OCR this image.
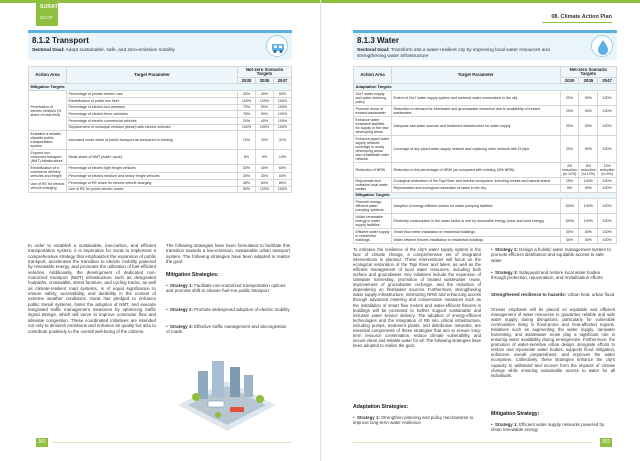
SURAT
CCAP
8.1.2 Transport
Sectoral Goal: Adopt sustainable, safe, and zero-emission mobility
Action Area	Target Parameter	Net-zero Scenario Targets		
		2030	2035	2047
Mitigation Targets				
Penetration of electric vehicles (% share of total fleet)	Percentage of private electric cars	30%	40%	60%
	Electrification of public bus fleet	100%	100%	100%
	Percentage of electric two wheelers	75%	90%	100%
	Percentage of electric three wheelers	75%	90%	100%
	Percentage of electric commercial vehicles	20%	40%	100%
	Replacement of municipal vehicles (diesel) with electric vehicles	100%	100%	100%
Establish a reliable, citywide public transportation system	Increased mode share of public transport as compared to existing	10%	20%	31%
Expand non-motorized transport (NMT) infrastructure	Mode share of NMT (walk+ cycle)	8%	9%	10%
Electrification of e-commerce delivery vehicles and freight	Percentage of electric light freight vehicles	30%	40%	60%
	Percentage of electric medium and heavy freight vehicles	20%	30%	60%
Use of RE for electric vehicle charging	Percentage of RE share for electric vehicle charging	40%	60%	80%
	Use of RE for public electric buses	50%	100%	100%

In order to establish a sustainable, low-carbon, and efficient transportation system, it is imperative for Surat to implement a comprehensive strategy that emphasizes the expansion of public transport, accelerates the transition to electric mobility powered by renewable energy, and promotes the utilization of fuel-efficient vehicles. Additionally, the development of dedicated non-motorized transport (NMT) infrastructure such as designated footpaths, crosswalks, street furniture, and cycling tracks, as well as climate-resilient road systems, is of equal significance to ensure safety, accessibility, and durability in the context of extreme weather conditions. Surat has pledged to enhance public transit systems, foster the adoption of NMT, and execute integrated traffic management measures by optimizing traffic signal timings, which will serve to improve commuter flow and alleviate congestion. These coordinated initiatives are intended not only to diminish emissions and enhance air quality but also to contribute positively to the overall well-being of the citizens.

The following strategies have been formulated to facilitate this transition towards a low-emission, sustainable urban transport system. The following strategies have been adapted to realize the goal:

Mitigation Strategies:
• Strategy 1: Facilitate non-motorized transportation options and promote shift to cleaner fuel-run public transport
• Strategy 2: Promote widespread adoption of electric mobility
• Strategy 3: Effective traffic management and decongestion of roads
301
08. Climate Action Plan
8.1.3 Water
Sectoral Goal: Transform into a water-resilient city by improving local water resources and strengthening water infrastructure
Action Area	Target Parameter	Net-zero Scenario Targets		
		2030	2035	2047
Adaptation Targets				
24x7 water supply and water metering policy	Extent of 24x7 water supply system and metered water connections in the city	20%	50%	100%
Promote reuse of treated wastewater	Reduction in demand for freshwater and groundwater extraction due to availability of treated wastewater	20%	50%	100%
Enhance water treatment facilities for supply in the new developing areas	Adequate raw water sources and treatment infrastructure for water supply	20%	50%	100%
Enhance piped water supply network coverage in newly developing areas and rehabilitate older network	Coverage of any piped water supply network and replacing older network with DI pipe	20%	50%	100%
Reduction of NRW	Reduction in the percentage of NRW (as compared with existing 18% NRW)	4% reduction (to 14%)	8% reduction (to 10%)	13% reduction (to 5%)
Rejuvenate and revitalize local water bodies	Ecological restoration of the Tapi River and riverine ecosystem, including creeks and natural drains	15%	100%	100%
	Rejuvenation and ecological restoration of lakes in the city	5%	50%	100%
Mitigation Targets				
Promote energy-efficient water pumping systems	Adoption of energy efficient motors for water pumping facilities	100%	100%	100%
Utilize renewable energy in water supply facilities	Electricity consumption in the water sector is met by renewable energy (solar and wind energy)	100%	100%	100%
Efficient water supply in residential buildings	Smart flow meter installation in residential buildings	30%	50%	100%
	Water efficient fixtures installation in residential buildings	30%	50%	100%

To enhance the resilience of the city's water supply system in the face of climate change, a comprehensive set of integrated interventions is planned. These interventions will focus on the ecological restoration of the Tapi River and lakes, as well as the efficient management of local water resources, including both surface and groundwater. Key initiatives include the expansion of rainwater harvesting, promotion of treated wastewater reuse, improvement of groundwater recharge, and the reduction of dependency on freshwater sources. Furthermore, strengthening water supply infrastructure, minimizing NRW and enhancing access through advanced metering and conservation measures such as the installation of smart flow meters and water-efficient fixtures in buildings will be promoted to further support sustainable and inclusive water service delivery. The adoption of energy-efficient technologies and the integration of RE into critical infrastructure, including pumps, treatment plants, and distribution networks, are essential components of these strategies that aim to ensure long-term resource conservation, reduce climate vulnerability, and secure clean and reliable water for all. The following strategies have been adopted to realize the goal:

Adaptation Strategies:
• Strategy 1: Strengthen planning and policy mechanisms to improve long-term water resilience
• Strategy 2: Design a holistic water management system to promote efficient distribution and equitable access to safe water
• Strategy 3: Safeguard and restore local water bodies through protection, rejuvenation, and revitalization efforts
Strengthened resilience to hazards: Urban heat, urban flood

Greater emphasis will be placed on equitable and efficient management of water resources to guarantee reliable and safe water supply during disruptions, particularly for vulnerable communities living in flood-prone and heat-affected regions. Initiatives such as augmenting the water supply, rainwater harvesting, and wastewater reuse play a significant role in ensuring water availability during emergencies. Furthermore, the promotion of water-sensitive urban design, alongside efforts to restore and rejuvenate water bodies, supports flood mitigation, enhances overall preparedness, and improves the water ecosystem. Collectively, these strategies enhance the city's capacity to withstand and recover from the impacts of climate change while ensuring sustainable access to water for all individuals.

Mitigation Strategy:
• Strategy 1: Efficient water supply networks powered by clean renewable energy
302
